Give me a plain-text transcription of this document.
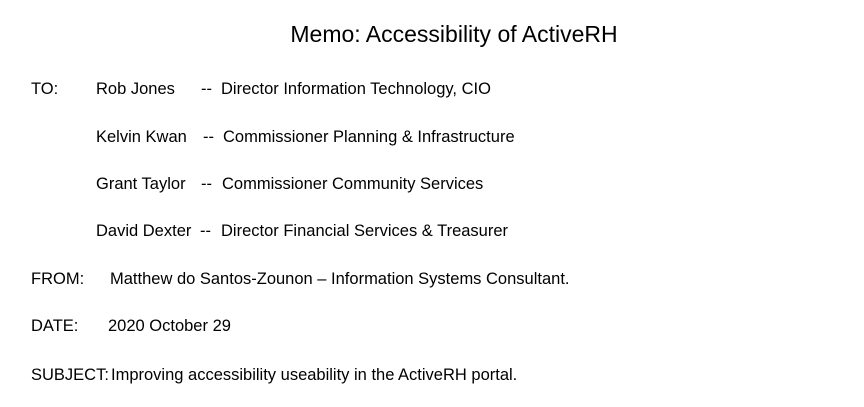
Memo: Accessibility of ActiveRH
TO: Rob Jones -- Director Information Technology, CIO
Kelvin Kwan -- Commissioner Planning & Infrastructure
Grant Taylor -- Commissioner Community Services
David Dexter -- Director Financial Services & Treasurer
FROM: Matthew do Santos-Zounon – Information Systems Consultant.
DATE: 2020 October 29
SUBJECT: Improving accessibility useability in the ActiveRH portal.
